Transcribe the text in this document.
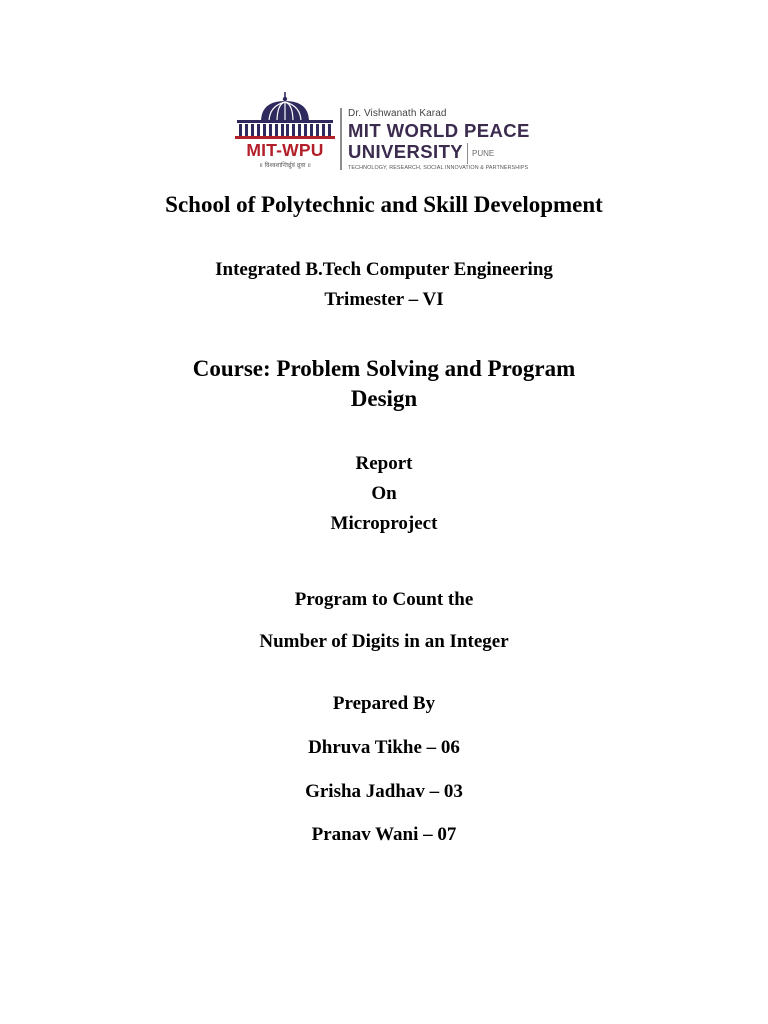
MIT-WPU
॥ विश्वशान्तिर्ध्रुवं ध्रुवा ॥
Dr. Vishwanath Karad
MIT WORLD PEACE
UNIVERSITY PUNE
TECHNOLOGY, RESEARCH, SOCIAL INNOVATION & PARTNERSHIPS
School of Polytechnic and Skill Development
Integrated B.Tech Computer Engineering
Trimester – VI
Course: Problem Solving and Program
Design
Report
On
Microproject
Program to Count the
Number of Digits in an Integer
Prepared By
Dhruva Tikhe – 06
Grisha Jadhav – 03
Pranav Wani – 07
